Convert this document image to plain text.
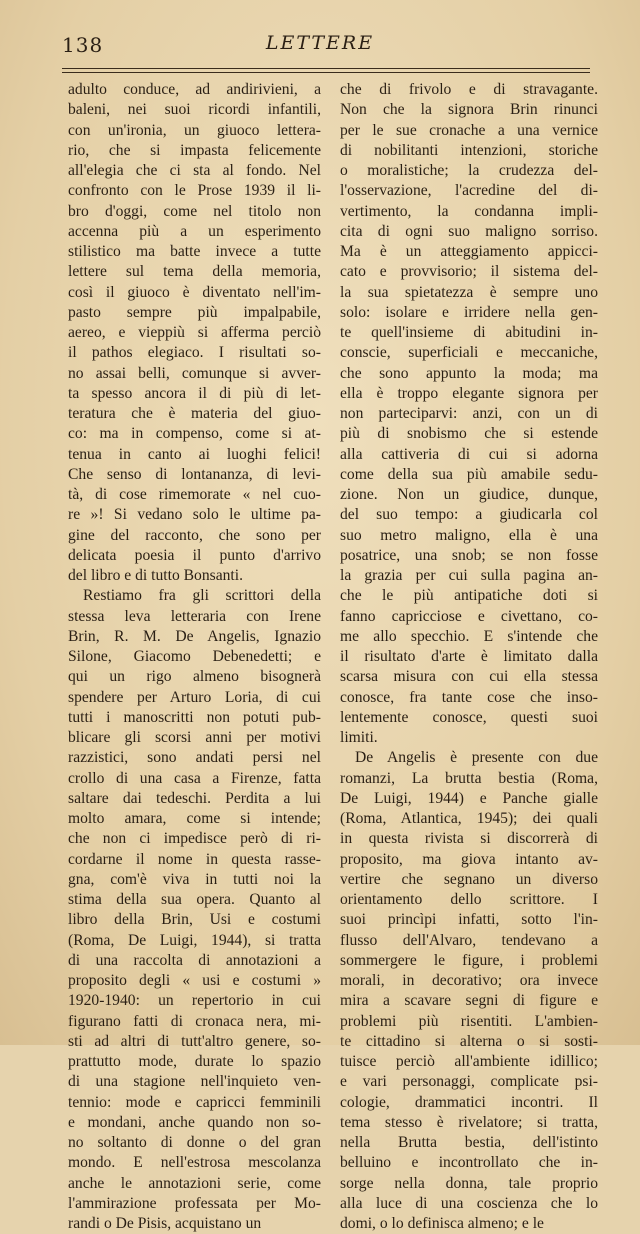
138	LETTERE
adulto conduce, ad andirivieni, a
baleni, nei suoi ricordi infantili,
con un'ironia, un giuoco lettera-
rio, che si impasta felicemente
all'elegia che ci sta al fondo. Nel
confronto con le Prose 1939 il li-
bro d'oggi, come nel titolo non
accenna più a un esperimento
stilistico ma batte invece a tutte
lettere sul tema della memoria,
così il giuoco è diventato nell'im-
pasto sempre più impalpabile,
aereo, e vieppiù si afferma perciò
il pathos elegiaco. I risultati so-
no assai belli, comunque si avver-
ta spesso ancora il di più di let-
teratura che è materia del giuo-
co: ma in compenso, come si at-
tenua in canto ai luoghi felici!
Che senso di lontananza, di levi-
tà, di cose rimemorate « nel cuo-
re »! Si vedano solo le ultime pa-
gine del racconto, che sono per
delicata poesia il punto d'arrivo
del libro e di tutto Bonsanti.
Restiamo fra gli scrittori della
stessa leva letteraria con Irene
Brin, R. M. De Angelis, Ignazio
Silone, Giacomo Debenedetti; e
qui un rigo almeno bisognerà
spendere per Arturo Loria, di cui
tutti i manoscritti non potuti pub-
blicare gli scorsi anni per motivi
razzistici, sono andati persi nel
crollo di una casa a Firenze, fatta
saltare dai tedeschi. Perdita a lui
molto amara, come si intende;
che non ci impedisce però di ri-
cordarne il nome in questa rasse-
gna, com'è viva in tutti noi la
stima della sua opera. Quanto al
libro della Brin, Usi e costumi
(Roma, De Luigi, 1944), si tratta
di una raccolta di annotazioni a
proposito degli « usi e costumi »
1920-1940: un repertorio in cui
figurano fatti di cronaca nera, mi-
sti ad altri di tutt'altro genere, so-
prattutto mode, durate lo spazio
di una stagione nell'inquieto ven-
tennio: mode e capricci femminili
e mondani, anche quando non so-
no soltanto di donne o del gran
mondo. E nell'estrosa mescolanza
anche le annotazioni serie, come
l'ammirazione professata per Mo-
randi o De Pisis, acquistano un
che di frivolo e di stravagante.
Non che la signora Brin rinunci
per le sue cronache a una vernice
di nobilitanti intenzioni, storiche
o moralistiche; la crudezza del-
l'osservazione, l'acredine del di-
vertimento, la condanna impli-
cita di ogni suo maligno sorriso.
Ma è un atteggiamento appicci-
cato e provvisorio; il sistema del-
la sua spietatezza è sempre uno
solo: isolare e irridere nella gen-
te quell'insieme di abitudini in-
conscie, superficiali e meccaniche,
che sono appunto la moda; ma
ella è troppo elegante signora per
non parteciparvi: anzi, con un di
più di snobismo che si estende
alla cattiveria di cui si adorna
come della sua più amabile sedu-
zione. Non un giudice, dunque,
del suo tempo: a giudicarla col
suo metro maligno, ella è una
posatrice, una snob; se non fosse
la grazia per cui sulla pagina an-
che le più antipatiche doti si
fanno capricciose e civettano, co-
me allo specchio. E s'intende che
il risultato d'arte è limitato dalla
scarsa misura con cui ella stessa
conosce, fra tante cose che inso-
lentemente conosce, questi suoi
limiti.
De Angelis è presente con due
romanzi, La brutta bestia (Roma,
De Luigi, 1944) e Panche gialle
(Roma, Atlantica, 1945); dei quali
in questa rivista si discorrerà di
proposito, ma giova intanto av-
vertire che segnano un diverso
orientamento dello scrittore. I
suoi princìpi infatti, sotto l'in-
flusso dell'Alvaro, tendevano a
sommergere le figure, i problemi
morali, in decorativo; ora invece
mira a scavare segni di figure e
problemi più risentiti. L'ambien-
te cittadino si alterna o si sosti-
tuisce perciò all'ambiente idillico;
e vari personaggi, complicate psi-
cologie, drammatici incontri. Il
tema stesso è rivelatore; si tratta,
nella Brutta bestia, dell'istinto
belluino e incontrollato che in-
sorge nella donna, tale proprio
alla luce di una coscienza che lo
domi, o lo definisca almeno; e le
